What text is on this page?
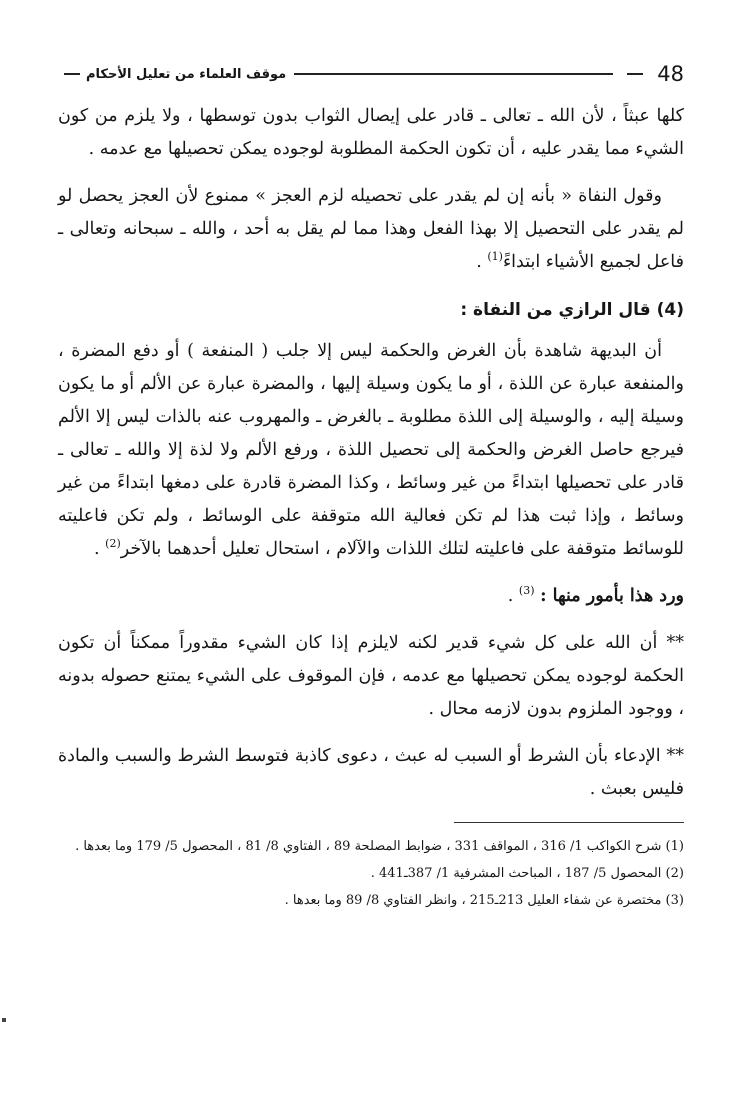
48
موقف العلماء من تعليل الأحكام

كلها عبثاً ، لأن الله ـ تعالى ـ قادر على إيصال الثواب بدون توسطها ، ولا يلزم من كون الشيء مما يقدر عليه ، أن تكون الحكمة المطلوبة لوجوده يمكن تحصيلها مع عدمه .

وقول النفاة « بأنه إن لم يقدر على تحصيله لزم العجز » ممنوع لأن العجز يحصل لو لم يقدر على التحصيل إلا بهذا الفعل وهذا مما لم يقل به أحد ، والله ـ سبحانه وتعالى ـ فاعل لجميع الأشياء ابتداءً$^{(1)}$ .

(4) قال الرازي من النفاة :

أن البديهة شاهدة بأن الغرض والحكمة ليس إلا جلب ( المنفعة ) أو دفع المضرة ، والمنفعة عبارة عن اللذة ، أو ما يكون وسيلة إليها ، والمضرة عبارة عن الألم أو ما يكون وسيلة إليه ، والوسيلة إلى اللذة مطلوبة ـ بالغرض ـ والمهروب عنه بالذات ليس إلا الألم فيرجع حاصل الغرض والحكمة إلى تحصيل اللذة ، ورفع الألم ولا لذة إلا والله ـ تعالى ـ قادر على تحصيلها ابتداءً من غير وسائط ، وكذا المضرة قادرة على دمغها ابتداءً من غير وسائط ، وإذا ثبت هذا لم تكن فعالية الله متوقفة على الوسائط ، ولم تكن فاعليته للوسائط متوقفة على فاعليته لتلك اللذات والآلام ، استحال تعليل أحدهما بالآخر$^{(2)}$ .

ورد هذا بأمور منها : $^{(3)}$ .

** أن الله على كل شيء قدير لكنه لايلزم إذا كان الشيء مقدوراً ممكناً أن تكون الحكمة لوجوده يمكن تحصيلها مع عدمه ، فإن الموقوف على الشيء يمتنع حصوله بدونه ، ووجود الملزوم بدون لازمه محال .

** الإدعاء بأن الشرط أو السبب له عبث ، دعوى كاذبة فتوسط الشرط والسبب والمادة فليس بعبث .

(1) شرح الكواكب 1/ 316 ، المواقف 331 ، ضوابط المصلحة 89 ، الفتاوي 8/ 81 ، المحصول 5/ 179 وما بعدها .

(2) المحصول 5/ 187 ، المباحث المشرفية 1/ 387ـ441 .

(3) مختصرة عن شفاء العليل 213ـ215 ، وانظر الفتاوي 8/ 89 وما بعدها .
